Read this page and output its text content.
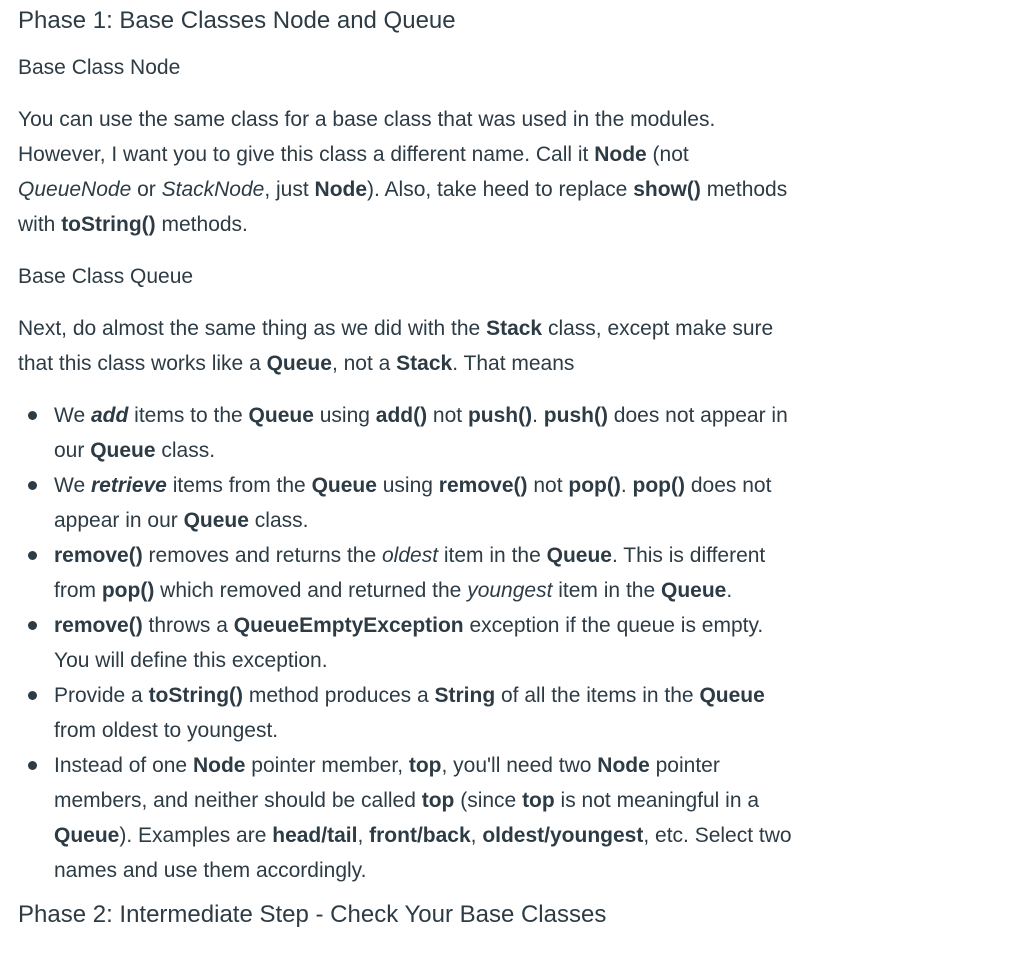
Phase 1: Base Classes Node and Queue
Base Class Node

You can use the same class for a base class that was used in the modules.
However, I want you to give this class a different name. Call it Node (not
QueueNode or StackNode, just Node). Also, take heed to replace show() methods
with toString() methods.

Base Class Queue

Next, do almost the same thing as we did with the Stack class, except make sure
that this class works like a Queue, not a Stack. That means

We add items to the Queue using add() not push(). push() does not appear in
our Queue class.
We retrieve items from the Queue using remove() not pop(). pop() does not
appear in our Queue class.
remove() removes and returns the oldest item in the Queue. This is different
from pop() which removed and returned the youngest item in the Queue.
remove() throws a QueueEmptyException exception if the queue is empty.
You will define this exception.
Provide a toString() method produces a String of all the items in the Queue
from oldest to youngest.
Instead of one Node pointer member, top, you'll need two Node pointer
members, and neither should be called top (since top is not meaningful in a
Queue). Examples are head/tail, front/back, oldest/youngest, etc. Select two
names and use them accordingly.
Phase 2: Intermediate Step - Check Your Base Classes
